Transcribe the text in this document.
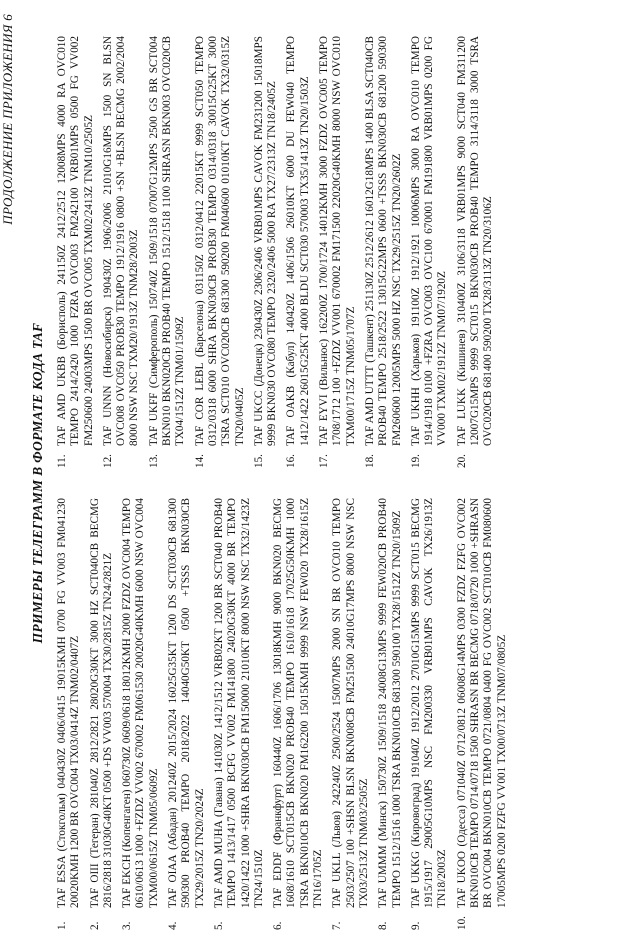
ПРОДОЛЖЕНИЕ ПРИЛОЖЕНИЯ 6
ПРИМЕРЫ ТЕЛЕГРАММ В ФОРМАТЕ КОДА TAF
1.
TAF ESSA (Стокгольм) 040430Z 0406/0415 19015KMH 0700 FG VV003 FM041230 20020KMH 1200 BR OVC004 TX03/0414Z TNM02/0407Z
2.
TAF OIII (Тегеран) 281040Z 2812/2821 28020G30KT 3000 HZ SCT040CB BECMG 2816/2818 31030G40KT 0500 +DS VV003 570004 TX30/2815Z TN24/2821Z
3.
TAF EKCH (Копенгаген) 060730Z 0609/0618 18012KMH 2000 FZDZ OVC004 TEMPO 0610/0613 1000 +FZDZ VV002 670002 FM061530 20020G40KMH 6000 NSW OVC004 TXM00/0615Z TNM05/0609Z
4.
TAF OIAA (Абадан) 201240Z 2015/2024 16025G35KT 1200 DS SCT030CB 681300 590300 PROB40 TEMPO 2018/2022 14040G50KT 0500 +TSSS BKN030CB TX29/2015Z TN20/2024Z
5.
TAF AMD MUHA (Гавана) 141030Z 1412/1512 VRB02KT 1200 BR SCT040 PROB40 TEMPO 1413/1417 0500 BCFG VV002 FM141800 24020G30KT 4000 BR TEMPO 1420/1422 1000 +SHRA BKN030CB FM150000 21010KT 8000 NSW NSC TX32/1423Z TN24/1510Z
6.
TAF EDDF (Франкфурт) 160440Z 1606/1706 13018KMH 9000 BKN020 BECMG 1608/1610 SCT015CB BKN020 PROB40 TEMPO 1610/1618 17025G50KMH 1000 TSRA BKN010CB BKN020 FM162200 15015KMH 9999 NSW FEW020 TX28/1615Z TN16/1705Z
7.
TAF UKLL (Львов) 242240Z 2500/2524 15007MPS 2000 SN BR OVC010 TEMPO 2503/2507 100 +SHSN BLSN BKN008CB FM251500 24010G17MPS 8000 NSW NSC TX03/2513Z TNM03/2505Z
8.
TAF UMMM (Минск) 150730Z 1509/1518 24008G13MPS 9999 FEW020CB PROB40 TEMPO 1512/1516 1000 TSRA BKN010CB 681300 590100 TX28/1512Z TN20/1509Z
9.
TAF UKKG (Кировоград) 191040Z 1912/2012 27010G15MPS 9999 SCT015 BECMG 1915/1917 29005G10MPS NSC FM200330 VRB01MPS CAVOK TX26/1913Z TN18/2003Z
10.
TAF UKOO (Одесса) 071040Z 0712/0812 06008G14MPS 0300 FZDZ FZFG OVC002 BKN010CB TEMPO 0714/0718 1500 SHRASN BR BECMG 0718/0720 1000 +SHRASN BR OVC004 BKN010CB TEMPO 0721/0804 0400 FG OVC002 SCT010CB FM080600 17005MPS 0200 FZFG VV001 TX00/0713Z TNM07/0805Z
11.
TAF AMD UKBB (Борисполь) 241150Z 2412/2512 12008MPS 4000 RA OVC010 TEMPO 2414/2420 1000 FZRA OVC003 FM242100 VRB01MPS 0500 FG VV002 FM250600 24003MPS 1500 BR OVC005 TXM02/2413Z TNM10/2505Z
12.
TAF UNNN (Новосибирск) 190430Z 1906/2006 21010G16MPS 1500 SN BLSN OVC008 OVC050 PROB30 TEMPO 1912/1916 0800 +SN +BLSN BECMG 2002/2004 8000 NSW NSC TXM20/1913Z TNM28/2003Z
13.
TAF UKFF (Симферополь) 150740Z 1509/1518 07007G12MPS 2500 GS BR SCT004 BKN010 BKN020CB PROB40 TEMPO 1512/1518 1100 SHRASN BKN003 OVC020CB TX04/1512Z TNM01/1509Z
14.
TAF COR LEBL (Барселона) 031150Z 0312/0412 22015KT 9999 SCT050 TEMPO 0312/0318 6000 SHRA BKN030CB PROB30 TEMPO 0314/0318 30015G25KT 3000 TSRA SCT010 OVC020CB 681300 590200 FM040600 01010KT CAVOK TX32/0315Z TN20/0405Z
15.
TAF UKCC (Донецк) 230430Z 2306/2406 VRB01MPS CAVOK FM231200 15018MPS 9999 BKN030 OVC080 TEMPO 2320/2406 5000 RA TX27/2313Z TN18/2405Z
16.
TAF OAKB (Кабул) 140420Z 1406/1506 26010KT 6000 DU FEW040 TEMPO 1412/1422 26015G25KT 4000 BLDU SCT030 570003 TX35/1413Z TN20/1503Z
17.
TAF EYVI (Вильнюс) 162200Z 1700/1724 14012KMH 3000 FZDZ OVC005 TEMPO 1708/1712 100 +FZDZ VV001 670002 FM171500 22020G40KMH 8000 NSW OVC010 TXM00/1715Z TNM05/1707Z
18.
TAF AMD UTTT (Ташкент) 251130Z 2512/2612 16012G18MPS 1400 BLSA SCT040CB PROB40 TEMPO 2518/2522 13015G22MPS 0600 +TSSS BKN030CB 681200 590300 FM260600 12005MPS 5000 HZ NSC TX29/2515Z TN20/2602Z
19.
TAF UKHH (Харьков) 191100Z 1912/1921 10006MPS 3000 RA OVC010 TEMPO 1914/1918 0100 +FZRA OVC003 OVC100 670001 FM191800 VRB01MPS 0200 FG VV000 TXM02/1912Z TNM07/1920Z
20.
TAF LUKK (Кишинев) 310400Z 3106/3118 VRB01MPS 9000 SCT040 FM311200 12007G15MPS 9999 SCT015 BKN030CB PROB40 TEMPO 3114/3118 3000 TSRA OVC020CB 681400 590200 TX28/3113Z TN20/3106Z
